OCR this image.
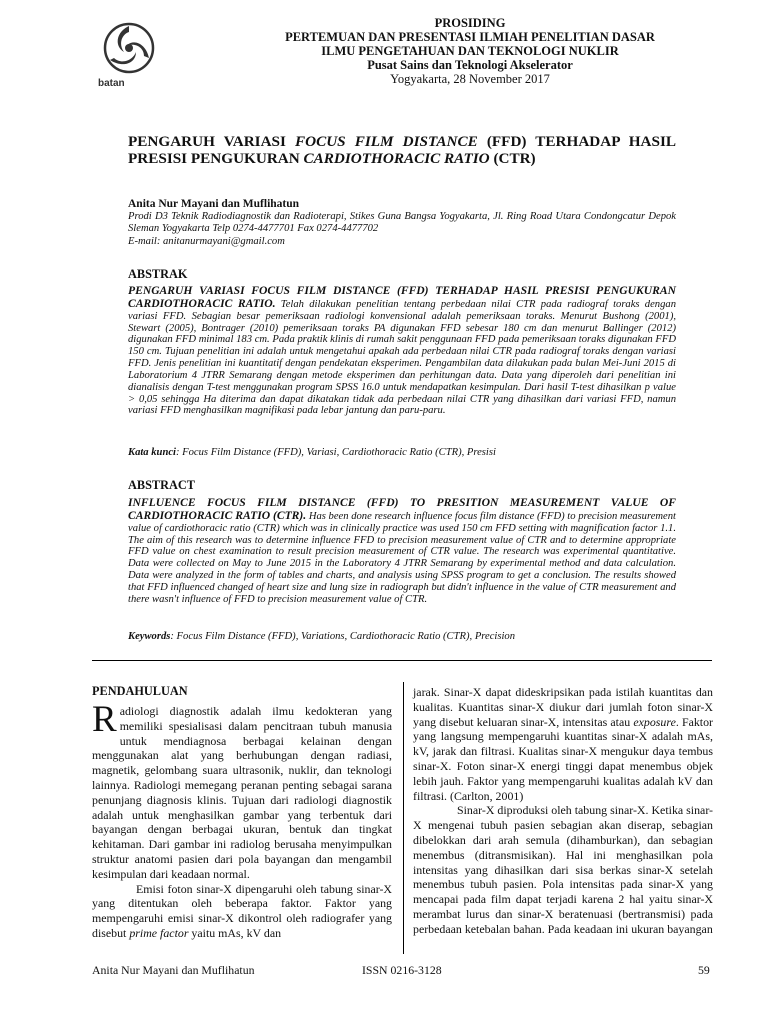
batan
PROSIDING
PERTEMUAN DAN PRESENTASI ILMIAH PENELITIAN DASAR
ILMU PENGETAHUAN DAN TEKNOLOGI NUKLIR
Pusat Sains dan Teknologi Akselerator
Yogyakarta, 28 November 2017
PENGARUH VARIASI FOCUS FILM DISTANCE (FFD) TERHADAP HASIL PRESISI PENGUKURAN CARDIOTHORACIC RATIO (CTR)
Anita Nur Mayani dan Muflihatun
Prodi D3 Teknik Radiodiagnostik dan Radioterapi, Stikes Guna Bangsa Yogyakarta, Jl. Ring Road Utara Condongcatur Depok Sleman Yogyakarta Telp 0274-4477701 Fax 0274-4477702
E-mail: anitanurmayani@gmail.com
ABSTRAK
PENGARUH VARIASI FOCUS FILM DISTANCE (FFD) TERHADAP HASIL PRESISI PENGUKURAN CARDIOTHORACIC RATIO. Telah dilakukan penelitian tentang perbedaan nilai CTR pada radiograf toraks dengan variasi FFD. Sebagian besar pemeriksaan radiologi konvensional adalah pemeriksaan toraks. Menurut Bushong (2001), Stewart (2005), Bontrager (2010) pemeriksaan toraks PA digunakan FFD sebesar 180 cm dan menurut Ballinger (2012) digunakan FFD minimal 183 cm. Pada praktik klinis di rumah sakit penggunaan FFD pada pemeriksaan toraks digunakan FFD 150 cm. Tujuan penelitian ini adalah untuk mengetahui apakah ada perbedaan nilai CTR pada radiograf toraks dengan variasi FFD. Jenis penelitian ini kuantitatif dengan pendekatan eksperimen. Pengambilan data dilakukan pada bulan Mei-Juni 2015 di Laboratorium 4 JTRR Semarang dengan metode eksperimen dan perhitungan data. Data yang diperoleh dari penelitian ini dianalisis dengan T-test menggunakan program SPSS 16.0 untuk mendapatkan kesimpulan. Dari hasil T-test dihasilkan p value > 0,05 sehingga Ha diterima dan dapat dikatakan tidak ada perbedaan nilai CTR yang dihasilkan dari variasi FFD, namun variasi FFD menghasilkan magnifikasi pada lebar jantung dan paru-paru.
Kata kunci: Focus Film Distance (FFD), Variasi, Cardiothoracic Ratio (CTR), Presisi
ABSTRACT
INFLUENCE FOCUS FILM DISTANCE (FFD) TO PRESITION MEASUREMENT VALUE OF CARDIOTHORACIC RATIO (CTR). Has been done research influence focus film distance (FFD) to precision measurement value of cardiothoracic ratio (CTR) which was in clinically practice was used 150 cm FFD setting with magnification factor 1.1. The aim of this research was to determine influence FFD to precision measurement value of CTR and to determine appropriate FFD value on chest examination to result precision measurement of CTR value. The research was experimental quantitative. Data were collected on May to June 2015 in the Laboratory 4 JTRR Semarang by experimental method and data calculation. Data were analyzed in the form of tables and charts, and analysis using SPSS program to get a conclusion. The results showed that FFD influenced changed of heart size and lung size in radiograph but didn't influence in the value of CTR measurement and there wasn't influence of FFD to precision measurement value of CTR.
Keywords: Focus Film Distance (FFD), Variations, Cardiothoracic Ratio (CTR), Precision
PENDAHULUAN

Radiologi diagnostik adalah ilmu kedokteran yang memiliki spesialisasi dalam pencitraan tubuh manusia untuk mendiagnosa berbagai kelainan dengan menggunakan alat yang berhubungan dengan radiasi, magnetik, gelombang suara ultrasonik, nuklir, dan teknologi lainnya. Radiologi memegang peranan penting sebagai sarana penunjang diagnosis klinis. Tujuan dari radiologi diagnostik adalah untuk menghasilkan gambar yang terbentuk dari bayangan dengan berbagai ukuran, bentuk dan tingkat kehitaman. Dari gambar ini radiolog berusaha menyimpulkan struktur anatomi pasien dari pola bayangan dan mengambil kesimpulan dari keadaan normal.

Emisi foton sinar-X dipengaruhi oleh tabung sinar-X yang ditentukan oleh beberapa faktor. Faktor yang mempengaruhi emisi sinar-X dikontrol oleh radiografer yang disebut prime factor yaitu mAs, kV dan

jarak. Sinar-X dapat dideskripsikan pada istilah kuantitas dan kualitas. Kuantitas sinar-X diukur dari jumlah foton sinar-X yang disebut keluaran sinar-X, intensitas atau exposure. Faktor yang langsung mempengaruhi kuantitas sinar-X adalah mAs, kV, jarak dan filtrasi. Kualitas sinar-X mengukur daya tembus sinar-X. Foton sinar-X energi tinggi dapat menembus objek lebih jauh. Faktor yang mempengaruhi kualitas adalah kV dan filtrasi. (Carlton, 2001)

Sinar-X diproduksi oleh tabung sinar-X. Ketika sinar-X mengenai tubuh pasien sebagian akan diserap, sebagian dibelokkan dari arah semula (dihamburkan), dan sebagian menembus (ditransmisikan). Hal ini menghasilkan pola intensitas yang dihasilkan dari sisa berkas sinar-X setelah menembus tubuh pasien. Pola intensitas pada sinar-X yang mencapai pada film dapat terjadi karena 2 hal yaitu sinar-X merambat lurus dan sinar-X beratenuasi (bertransmisi) pada perbedaan ketebalan bahan. Pada keadaan ini ukuran bayangan

Anita Nur Mayani dan Muflihatun	ISSN 0216-3128	59
